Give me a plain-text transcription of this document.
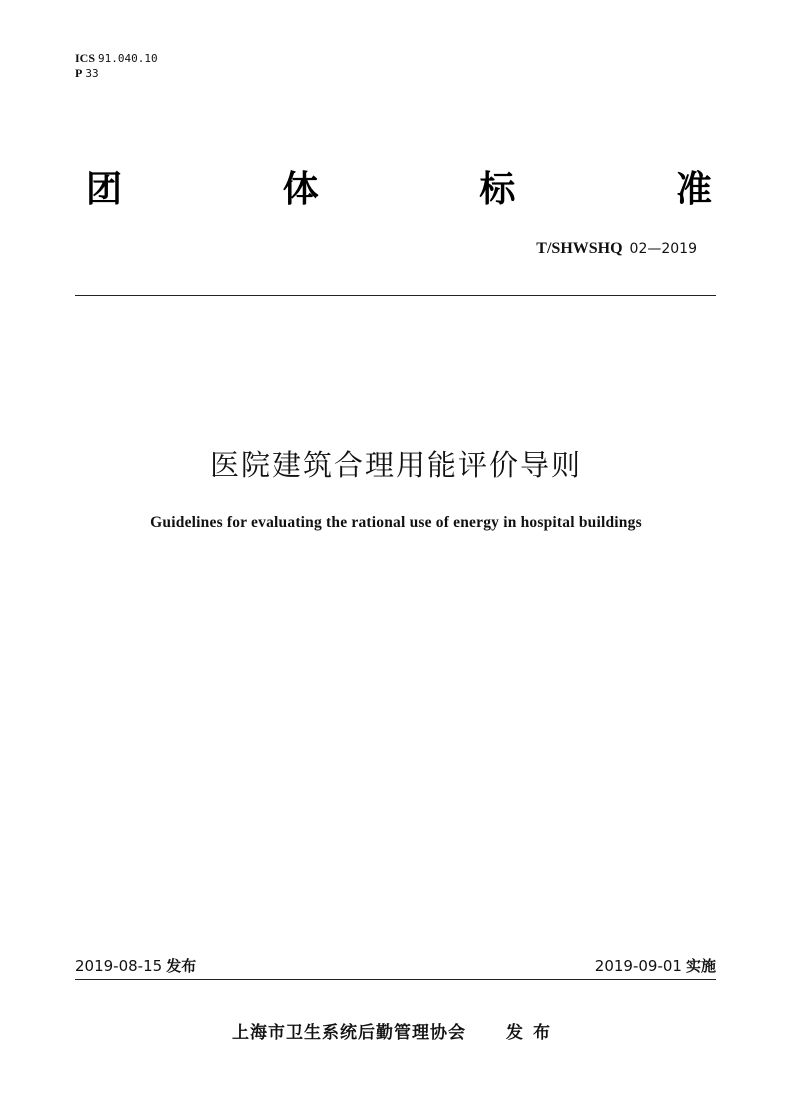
ICS 91.040.10
P 33
团	体	标	准
T/SHWSHQ 02—2019
医院建筑合理用能评价导则
Guidelines for evaluating the rational use of energy in hospital buildings
2019-08-15 发布	2019-09-01 实施
上海市卫生系统后勤管理协会 发布
